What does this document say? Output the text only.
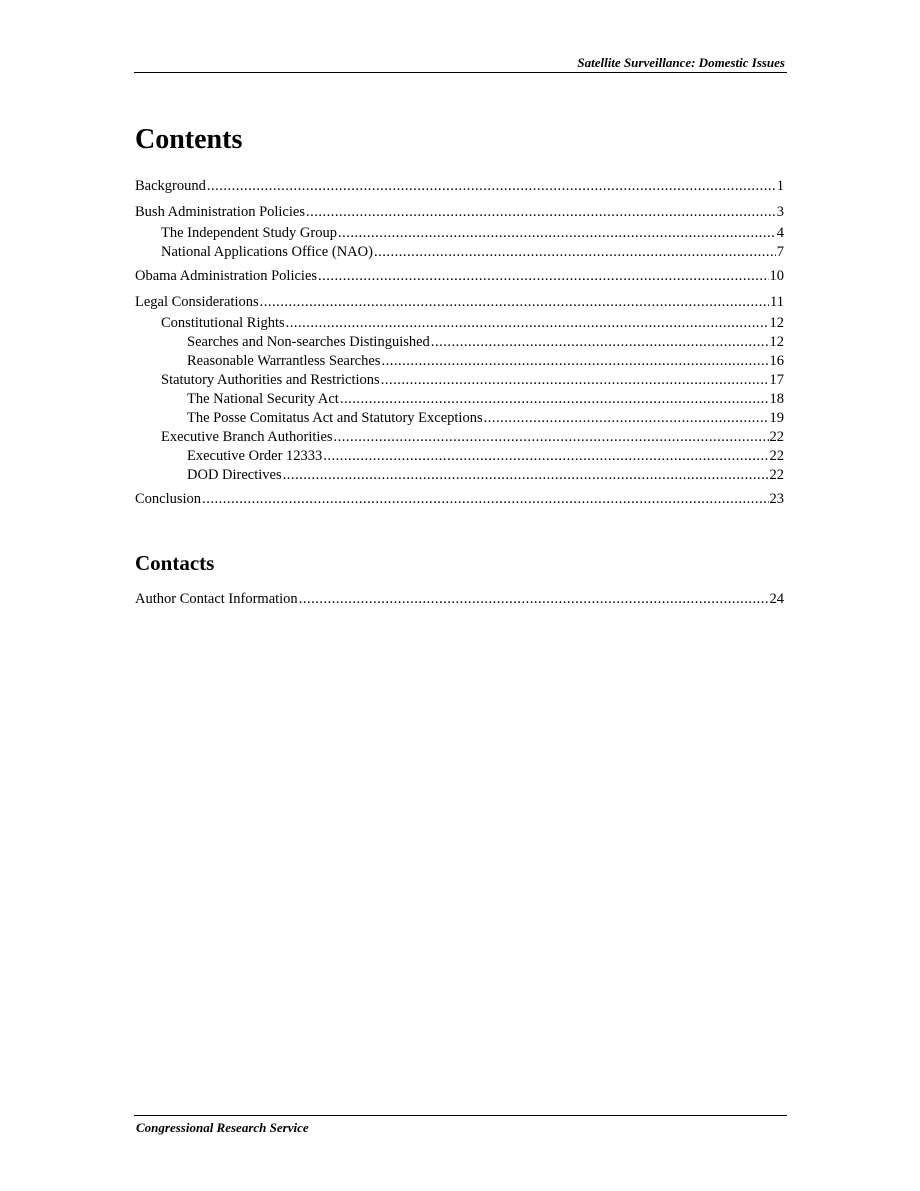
Satellite Surveillance: Domestic Issues
Contents
Background .....	1
Bush Administration Policies .....	3
The Independent Study Group .....	4
National Applications Office (NAO) .....	7
Obama Administration Policies .....	10
Legal Considerations .....	11
Constitutional Rights .....	12
Searches and Non-searches Distinguished .....	12
Reasonable Warrantless Searches .....	16
Statutory Authorities and Restrictions .....	17
The National Security Act .....	18
The Posse Comitatus Act and Statutory Exceptions .....	19
Executive Branch Authorities .....	22
Executive Order 12333 .....	22
DOD Directives .....	22
Conclusion .....	23
Contacts
Author Contact Information .....	24
Congressional Research Service
